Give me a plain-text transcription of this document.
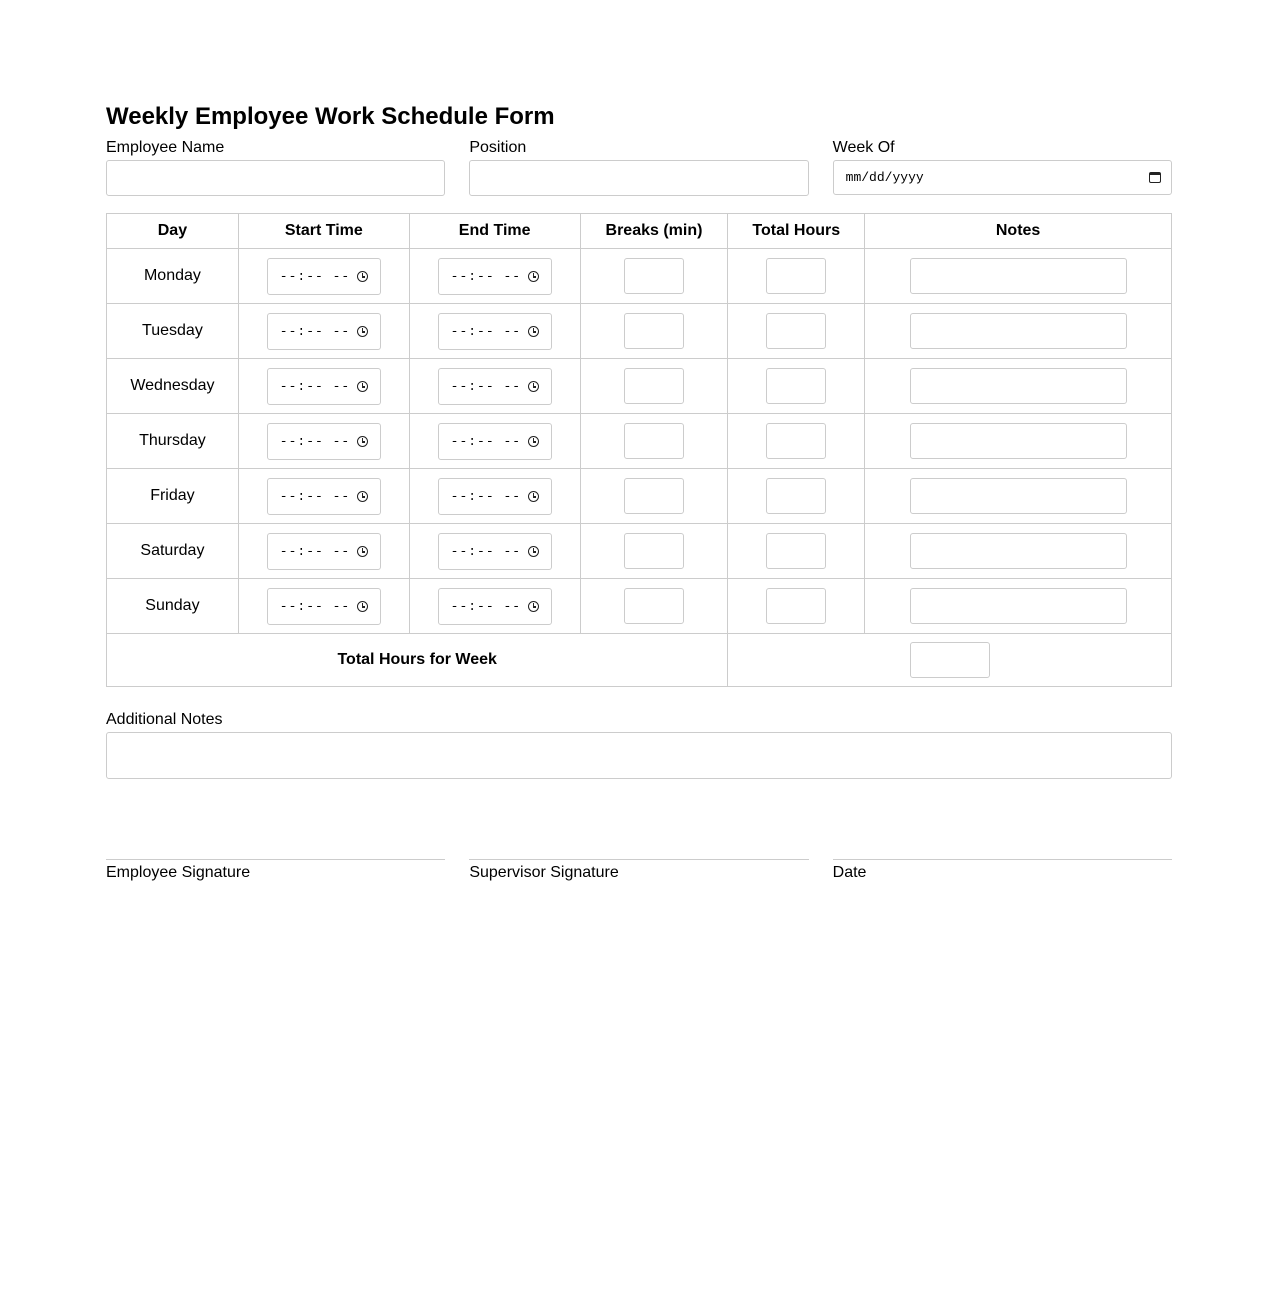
Weekly Employee Work Schedule Form
Employee Name	Position	Week Of
mm/dd/yyyy
Day	Start Time	End Time	Breaks (min)	Total Hours	Notes
Monday	--:-- --	--:-- --			

Tuesday	--:-- --	--:-- --			

Wednesday	--:-- --	--:-- --			

Thursday	--:-- --	--:-- --			

Friday	--:-- --	--:-- --			

Saturday	--:-- --	--:-- --			

Sunday	--:-- --	--:-- --			

Total Hours for Week					
Additional Notes
Employee Signature	Supervisor Signature	Date
